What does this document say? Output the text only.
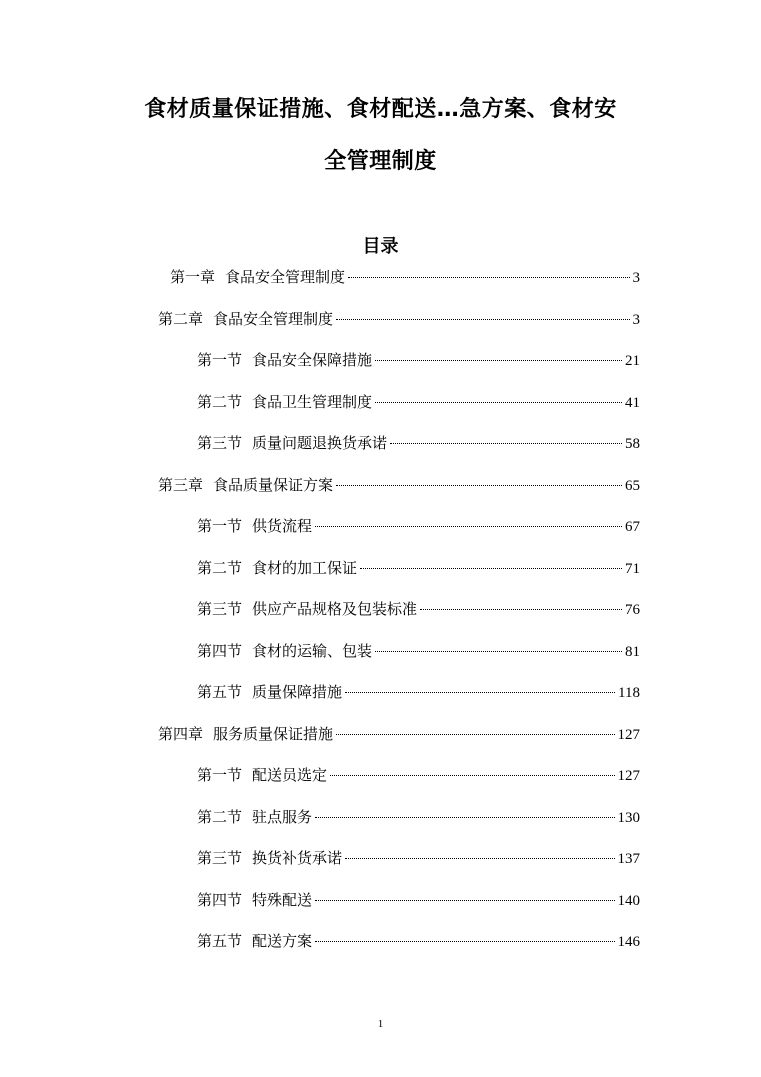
食材质量保证措施、食材配送…急方案、食材安
全管理制度
目录
第一章 食品安全管理制度	3
第二章 食品安全管理制度	3
第一节 食品安全保障措施	21
第二节 食品卫生管理制度	41
第三节 质量问题退换货承诺	58
第三章 食品质量保证方案	65
第一节 供货流程	67
第二节 食材的加工保证	71
第三节 供应产品规格及包装标准	76
第四节 食材的运输、包装	81
第五节 质量保障措施	118
第四章 服务质量保证措施	127
第一节 配送员选定	127
第二节 驻点服务	130
第三节 换货补货承诺	137
第四节 特殊配送	140
第五节 配送方案	146
1
